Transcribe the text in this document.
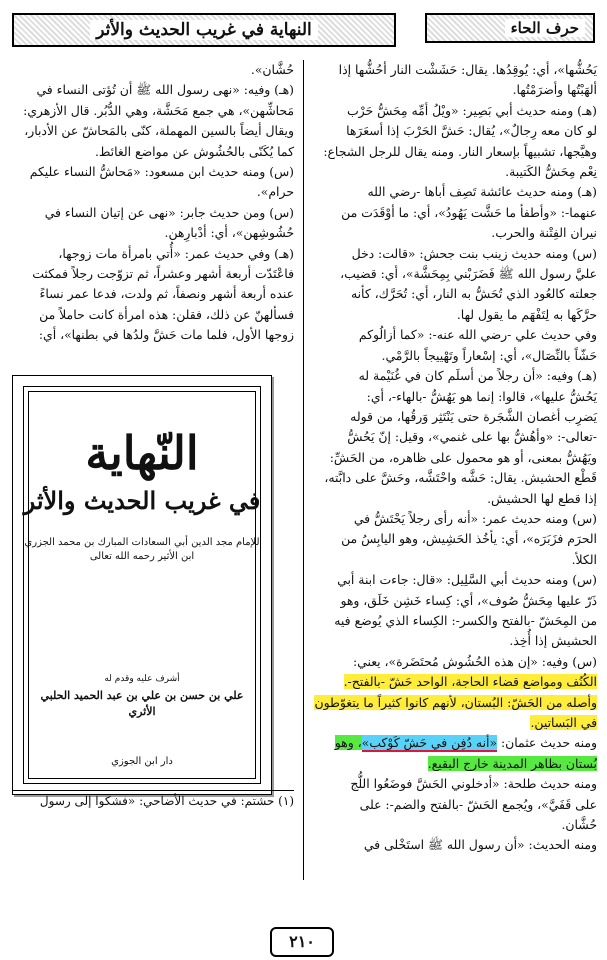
حرف الحاء
النهاية في غريب الحديث والأثر
يَحُشُّها»، أي: يُوقِدُها. يقال: حَشَشْت النار أحُشُّها إذا
ألهَبْتُها وأضرَمْتُها.
(هـ) ومنه حديث أبي بَصِير: «ويْلُ أمِّه مِحَشُّ حَرْب
لو كان معه رِجالٌ»، يُقال: حَشَّ الحَرْبَ إذا أسعَرَها
وهيَّجها، تشبيهاً بإسعار النار. ومنه يقال للرجل الشجاع:
نِعْم مِحَشُّ الكَتيبة.
(هـ) ومنه حديث عائشة تَصِف أباها -رضي الله
عنهما-: «وأطفأ ما حَشَّت يَهُودُ»، أي: ما أوْقَدَت من
نيران الفِتْنة والحرب.
(س) ومنه حديث زينب بنت جحش: «قالت: دخل
عليَّ رسول الله ﷺ فَضَرَبْني بِمِحَشَّة»، أي: قضيب،
جعلته كالعُود الذي تُحَشُّ به النار، أي: تُحَرَّك، كأنه
حرَّكَها به لِتَفْهَم ما يقول لها.
وفي حديث علي -رضي الله عنه-: «كما أزالُوكم
حَشّاً بالنِّصَال»، أي: إسْعاراً وتَهْييجاً بالرَّمْي.
(هـ) وفيه: «أن رجلاً من أسلَم كان في غُنَيْمة له
يَحُشُّ عليها»، قالوا: إنما هو يَهُشُّ -بالهاء-، أي:
يَضرِب أغصان الشَّجَرة حتى يَنْتَثِر وَرقُها، من قوله
-تعالى-: «وأهُشُّ بها على غنمي»، وقيل: إنّ يَحُشُّ
ويَهُشُّ بمعنى، أو هو محمول على ظاهره، من الحَشِّ:
قَطْع الحشيش. يقال: حَشَّه واحْتَشَّه، وحَشَّ على دابَّته،
إذا قطع لها الحشيش.
(س) ومنه حديث عمر: «أنه رأى رجلاً يَحْتَشُّ في
الحرَم فزَبَرَه»، أي: يأخُذ الحَشِيش، وهو اليابِسُ من
الكلأ.
(س) ومنه حديث أبي السَّلِيل: «قال: جاءت ابنة أبي
ذَرّ عليها مِحَشُّ صُوف»، أي: كِساء خَشِن خَلَق، وهو
من المِحَشّ -بالفتح والكسر-: الكِساء الذي يُوضع فيه
الحشيش إذا أُخِذ.
(س) وفيه: «إن هذه الحُشُوش مُحتَضَرة»، يعني:
الكُنُف ومواضع قضاء الحاجة، الواحد حَشّ -بالفتح-.
وأصله من الحَشّ: البُستان، لأنهم كانوا كثيراً ما يتغوّطون
في البَساتين.
ومنه حديث عثمان: «أنه دُفِن في حَشّ كَوْكب»، وهو
بُستان بظاهر المدينة خارج البقيع.
ومنه حديث طلحة: «أدخلوني الحَشَّ فوضَعُوا اللُّج
على قَفَيَّ»، ويُجمع الحَشّ -بالفتح والضم-: على
حُشَّان.
ومنه الحديث: «أن رسول الله ﷺ استَخْلى في
حُشَّان».
(هـ) وفيه: «نهى رسول الله ﷺ أن تُؤتى النساء في
مَحاشِّهن»، هي جمع مَحَشَّة، وهي الدُّبُر. قال الأزهري:
ويقال أيضاً بالسين المهملة، كنّى بالمَحاشّ عن الأدبار،
كما يُكَنّى بالحُشُوش عن مواضع الغائط.
(س) ومنه حديث ابن مسعود: «مَحاشُّ النساء عليكم
حرام».
(س) ومن حديث جابر: «نهى عن إتيان النساء في
حُشُوشِهن»، أي: أدْبارِهن.
(هـ) وفي حديث عمر: «أُتي بامرأة مات زوجها،
فاعْتَدّت أربعة أشهر وعشراً، ثم تزوّجت رجلاً فمكثت
عنده أربعة أشهر ونصفاً، ثم ولدت، فدعا عمر نساءً
فسألهنّ عن ذلك، فقلن: هذه امرأة كانت حاملاً من
زوجها الأول، فلما مات حَشَّ ولدُها في بطنها»، أي:
النّهاية
في غريب الحديث والأثر
للإمام مجد الدين أبي السعادات المبارك بن محمد الجزري ابن الأثير رحمه الله تعالى
أشرف عليه وقدم له
علي بن حسن بن علي بن عبد الحميد الحلبي الأثري
دار ابن الجوزي
(١) حشتم: في حديث الأضاحي: «فشكوا إلى رسول
٢١٠
